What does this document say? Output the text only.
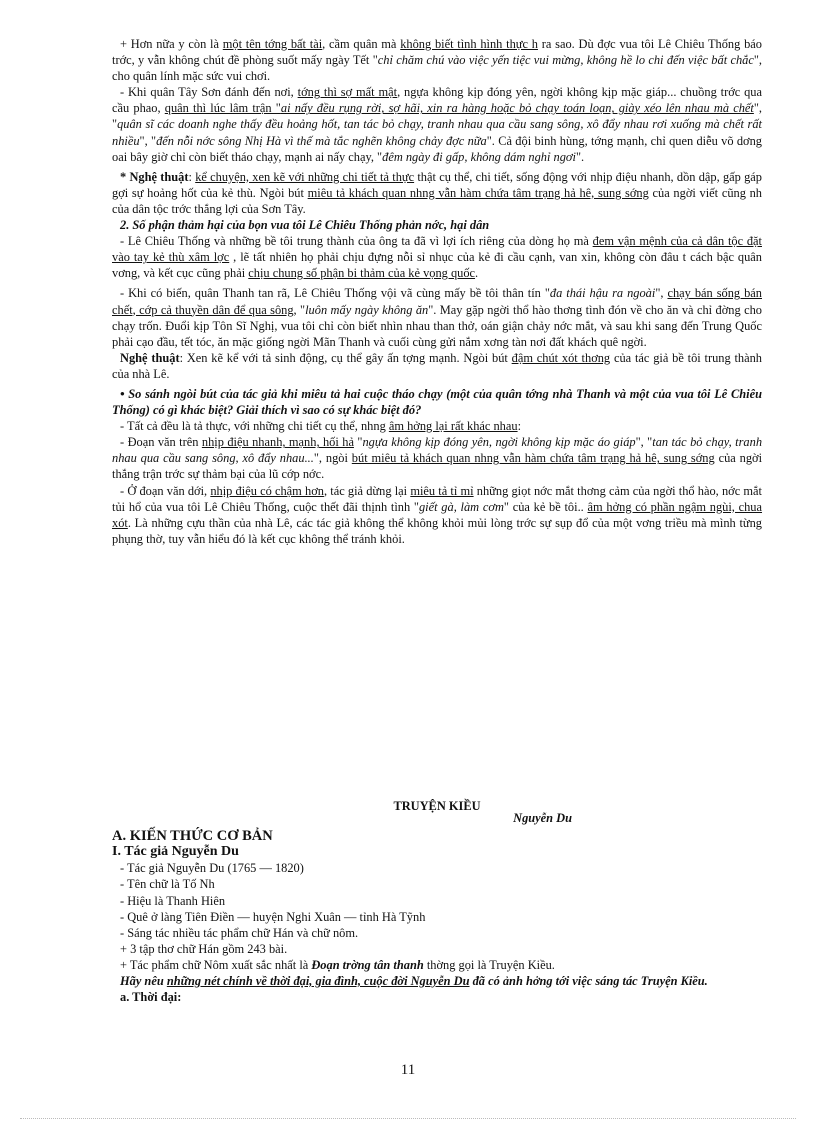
+ Hơn nữa y còn là một tên tớng bất tài, cầm quân mà không biết tình hình thực h ra sao. Dù đợc vua tôi Lê Chiêu Thống báo trớc, y vẫn không chút đề phòng suốt mấy ngày Tết "chỉ chăm chú vào việc yến tiệc vui mừng, không hề lo chi đến việc bất chắc", cho quân lính mặc sức vui chơi.

- Khi quân Tây Sơn đánh đến nơi, tớng thì sợ mất mật, ngựa không kịp đóng yên, ngời không kịp mặc giáp... chuồng trớc qua cầu phao, quân thì lúc lâm trận "ai nấy đều rụng rời, sợ hãi, xin ra hàng hoặc bỏ chạy toán loạn, giày xéo lên nhau mà chết", "quân sĩ các doanh nghe thấy đều hoảng hốt, tan tác bỏ chạy, tranh nhau qua cầu sang sông, xô đẩy nhau rơi xuống mà chết rất nhiều", "đến nỗi nớc sông Nhị Hà vì thế mà tắc nghẽn không chảy đợc nữa". Cả đội binh hùng, tớng mạnh, chỉ quen diễu võ dơng oai bây giờ chỉ còn biết tháo chạy, mạnh ai nấy chạy, "đêm ngày đi gấp, không dám nghỉ ngơi".

* Nghệ thuật: kể chuyện, xen kẽ với những chi tiết tả thực thật cụ thể, chi tiết, sống động với nhịp điệu nhanh, dồn dập, gấp gáp gợi sự hoảng hốt của kẻ thù. Ngòi bút miêu tả khách quan nhng vẫn hàm chứa tâm trạng hả hê, sung sớng của ngời viết cũng nh của dân tộc trớc thắng lợi của Sơn Tây.

2. Số phận thảm hại của bọn vua tôi Lê Chiêu Thống phản nớc, hại dân

- Lê Chiêu Thống và những bề tôi trung thành của ông ta đã vì lợi ích riêng của dòng họ mà đem vận mệnh của cả dân tộc đặt vào tay kẻ thù xâm lợc , lẽ tất nhiên họ phải chịu đựng nỗi sỉ nhục của kẻ đi cầu cạnh, van xin, không còn đâu t cách bậc quân vơng, và kết cục cũng phải chịu chung số phận bi thảm của kẻ vọng quốc.

- Khi có biến, quân Thanh tan rã, Lê Chiêu Thống vội vã cùng mấy bề tôi thân tín "đa thái hậu ra ngoài", chạy bán sống bán chết, cớp cả thuyền dân để qua sông, "luôn mấy ngày không ăn". May gặp ngời thổ hào thơng tình đón về cho ăn và chỉ đờng cho chạy trốn. Đuổi kịp Tôn Sĩ Nghị, vua tôi chỉ còn biết nhìn nhau than thở, oán giận chảy nớc mắt, và sau khi sang đến Trung Quốc phải cạo đầu, tết tóc, ăn mặc giống ngời Mãn Thanh và cuối cùng gửi nắm xơng tàn nơi đất khách quê ngời.

Nghệ thuật: Xen kẽ kể với tả sinh động, cụ thể gây ấn tợng mạnh. Ngòi bút đậm chút xót thơng của tác giả bề tôi trung thành của nhà Lê.

• So sánh ngòi bút của tác giả khi miêu tả hai cuộc tháo chạy (một của quân tớng nhà Thanh và một của vua tôi Lê Chiêu Thống) có gì khác biệt? Giải thích vì sao có sự khác biệt đó?

- Tất cả đều là tả thực, với những chi tiết cụ thể, nhng âm hởng lại rất khác nhau:

- Đoạn văn trên nhịp điệu nhanh, mạnh, hối hả "ngựa không kịp đóng yên, ngời không kịp mặc áo giáp", "tan tác bỏ chạy, tranh nhau qua cầu sang sông, xô đẩy nhau...", ngòi bút miêu tả khách quan nhng vẫn hàm chứa tâm trạng hả hê, sung sớng của ngời thắng trận trớc sự thảm bại của lũ cớp nớc.

- Ở đoạn văn dới, nhịp điệu có chậm hơn, tác giả dừng lại miêu tả tỉ mỉ những giọt nớc mắt thơng cảm của ngời thổ hào, nớc mắt tủi hổ của vua tôi Lê Chiêu Thống, cuộc thết đãi thịnh tình "giết gà, làm cơm" của kẻ bề tôi.. âm hởng có phần ngậm ngùi, chua xót. Là những cựu thần của nhà Lê, các tác giả không thể không khỏi mủi lòng trớc sự sụp đổ của một vơng triều mà mình từng phụng thờ, tuy vẫn hiểu đó là kết cục không thể tránh khỏi.

TRUYỆN KIỀU
Nguyễn Du
A. KIẾN THỨC CƠ BẢN
I. Tác giả Nguyễn Du
- Tác giả Nguyễn Du (1765 — 1820)
- Tên chữ là Tố Nh
- Hiệu là Thanh Hiên
- Quê ở làng Tiên Điền — huyện Nghi Xuân — tỉnh Hà Tỹnh
- Sáng tác nhiều tác phẩm chữ Hán và chữ nôm.
+ 3 tập thơ chữ Hán gồm 243 bài.
+ Tác phẩm chữ Nôm xuất sắc nhất là Đoạn trờng tân thanh thờng gọi là Truyện Kiều.

Hãy nêu những nét chính về thời đại, gia đình, cuộc đời Nguyễn Du đã có ảnh hởng tới việc sáng tác Truyện Kiều.

a. Thời đại:
11
